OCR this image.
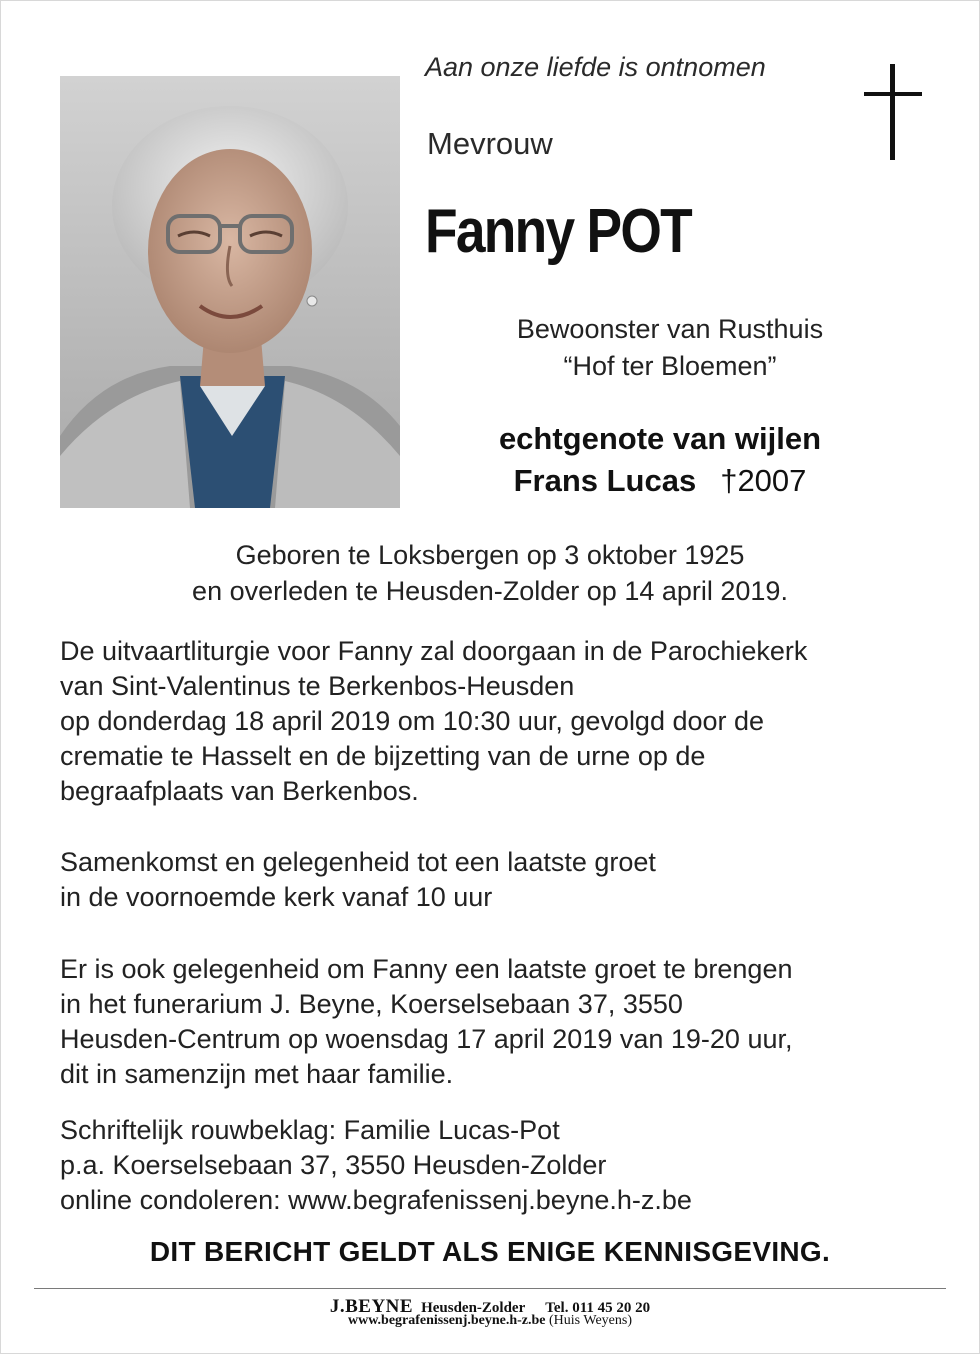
Aan onze liefde is ontnomen
Mevrouw
Fanny POT
Bewoonster van Rusthuis
“Hof ter Bloemen”
echtgenote van wijlen
Frans Lucas †2007
Geboren te Loksbergen op 3 oktober 1925
en overleden te Heusden-Zolder op 14 april 2019.
De uitvaartliturgie voor Fanny zal doorgaan in de Parochiekerk
van Sint-Valentinus te Berkenbos-Heusden
op donderdag 18 april 2019 om 10:30 uur, gevolgd door de
crematie te Hasselt en de bijzetting van de urne op de
begraafplaats van Berkenbos.
Samenkomst en gelegenheid tot een laatste groet
in de voornoemde kerk vanaf 10 uur
Er is ook gelegenheid om Fanny een laatste groet te brengen
in het funerarium J. Beyne, Koerselsebaan 37, 3550
Heusden-Centrum op woensdag 17 april 2019 van 19-20 uur,
dit in samenzijn met haar familie.
Schriftelijk rouwbeklag: Familie Lucas-Pot
p.a. Koerselsebaan 37, 3550 Heusden-Zolder
online condoleren: www.begrafenissenj.beyne.h-z.be
DIT BERICHT GELDT ALS ENIGE KENNISGEVING.
J.BEYNE Heusden-Zolder Tel. 011 45 20 20
www.begrafenissenj.beyne.h-z.be (Huis Weyens)
